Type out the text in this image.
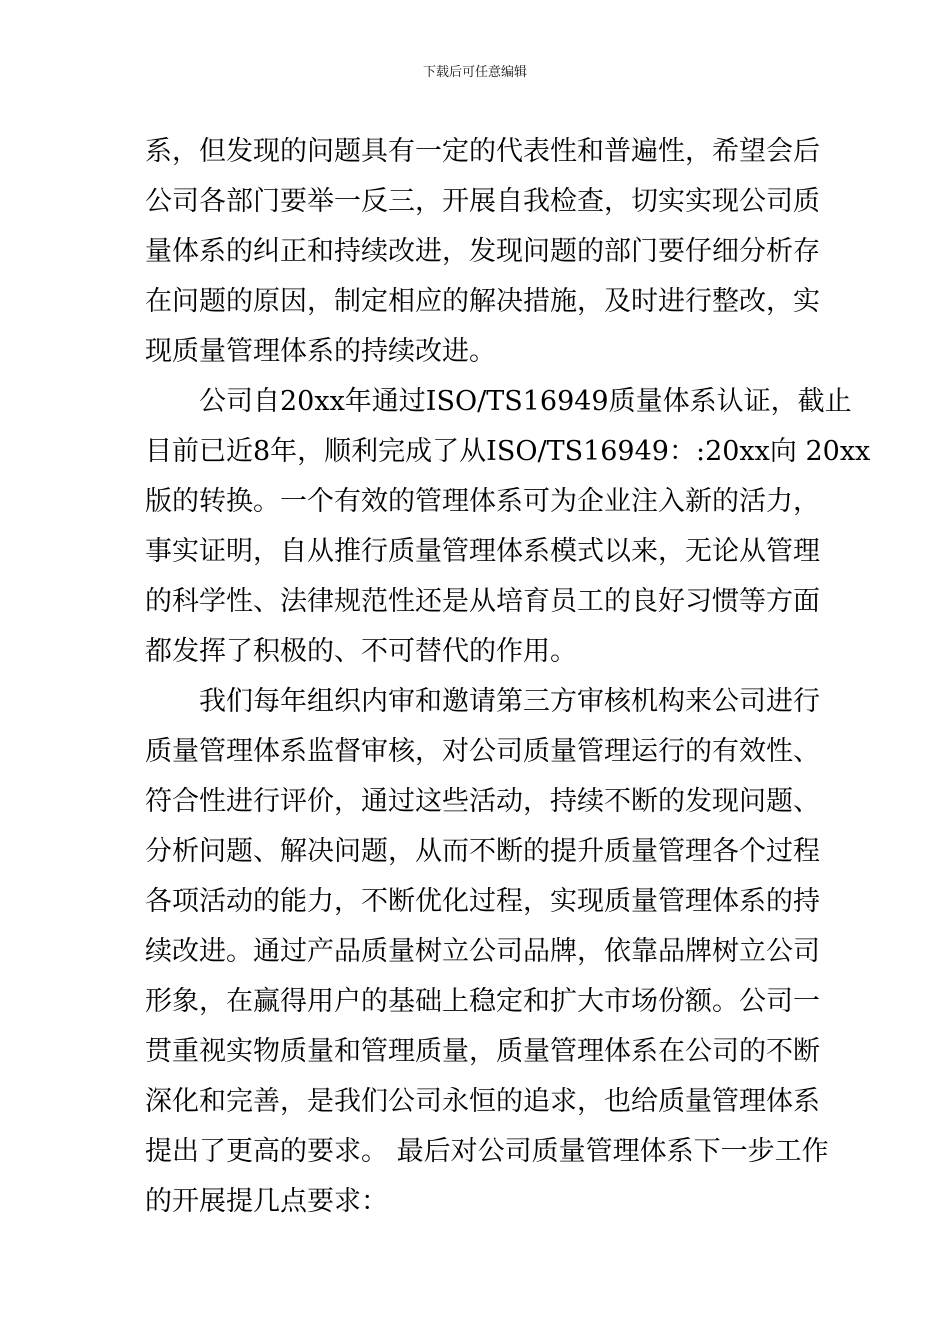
下载后可任意编辑
系，但发现的问题具有一定的代表性和普遍性，希望会后
公司各部门要举一反三，开展自我检查，切实实现公司质
量体系的纠正和持续改进，发现问题的部门要仔细分析存
在问题的原因，制定相应的解决措施，及时进行整改，实
现质量管理体系的持续改进。
公司自20xx年通过ISO/TS16949质量体系认证，截止
目前已近8年，顺利完成了从ISO/TS16949：:20xx向 20xx
版的转换。一个有效的管理体系可为企业注入新的活力，
事实证明，自从推行质量管理体系模式以来，无论从管理
的科学性、法律规范性还是从培育员工的良好习惯等方面
都发挥了积极的、不可替代的作用。
我们每年组织内审和邀请第三方审核机构来公司进行
质量管理体系监督审核，对公司质量管理运行的有效性、
符合性进行评价，通过这些活动，持续不断的发现问题、
分析问题、解决问题，从而不断的提升质量管理各个过程
各项活动的能力，不断优化过程，实现质量管理体系的持
续改进。通过产品质量树立公司品牌，依靠品牌树立公司
形象，在赢得用户的基础上稳定和扩大市场份额。公司一
贯重视实物质量和管理质量，质量管理体系在公司的不断
深化和完善，是我们公司永恒的追求，也给质量管理体系
提出了更高的要求。 最后对公司质量管理体系下一步工作
的开展提几点要求：
